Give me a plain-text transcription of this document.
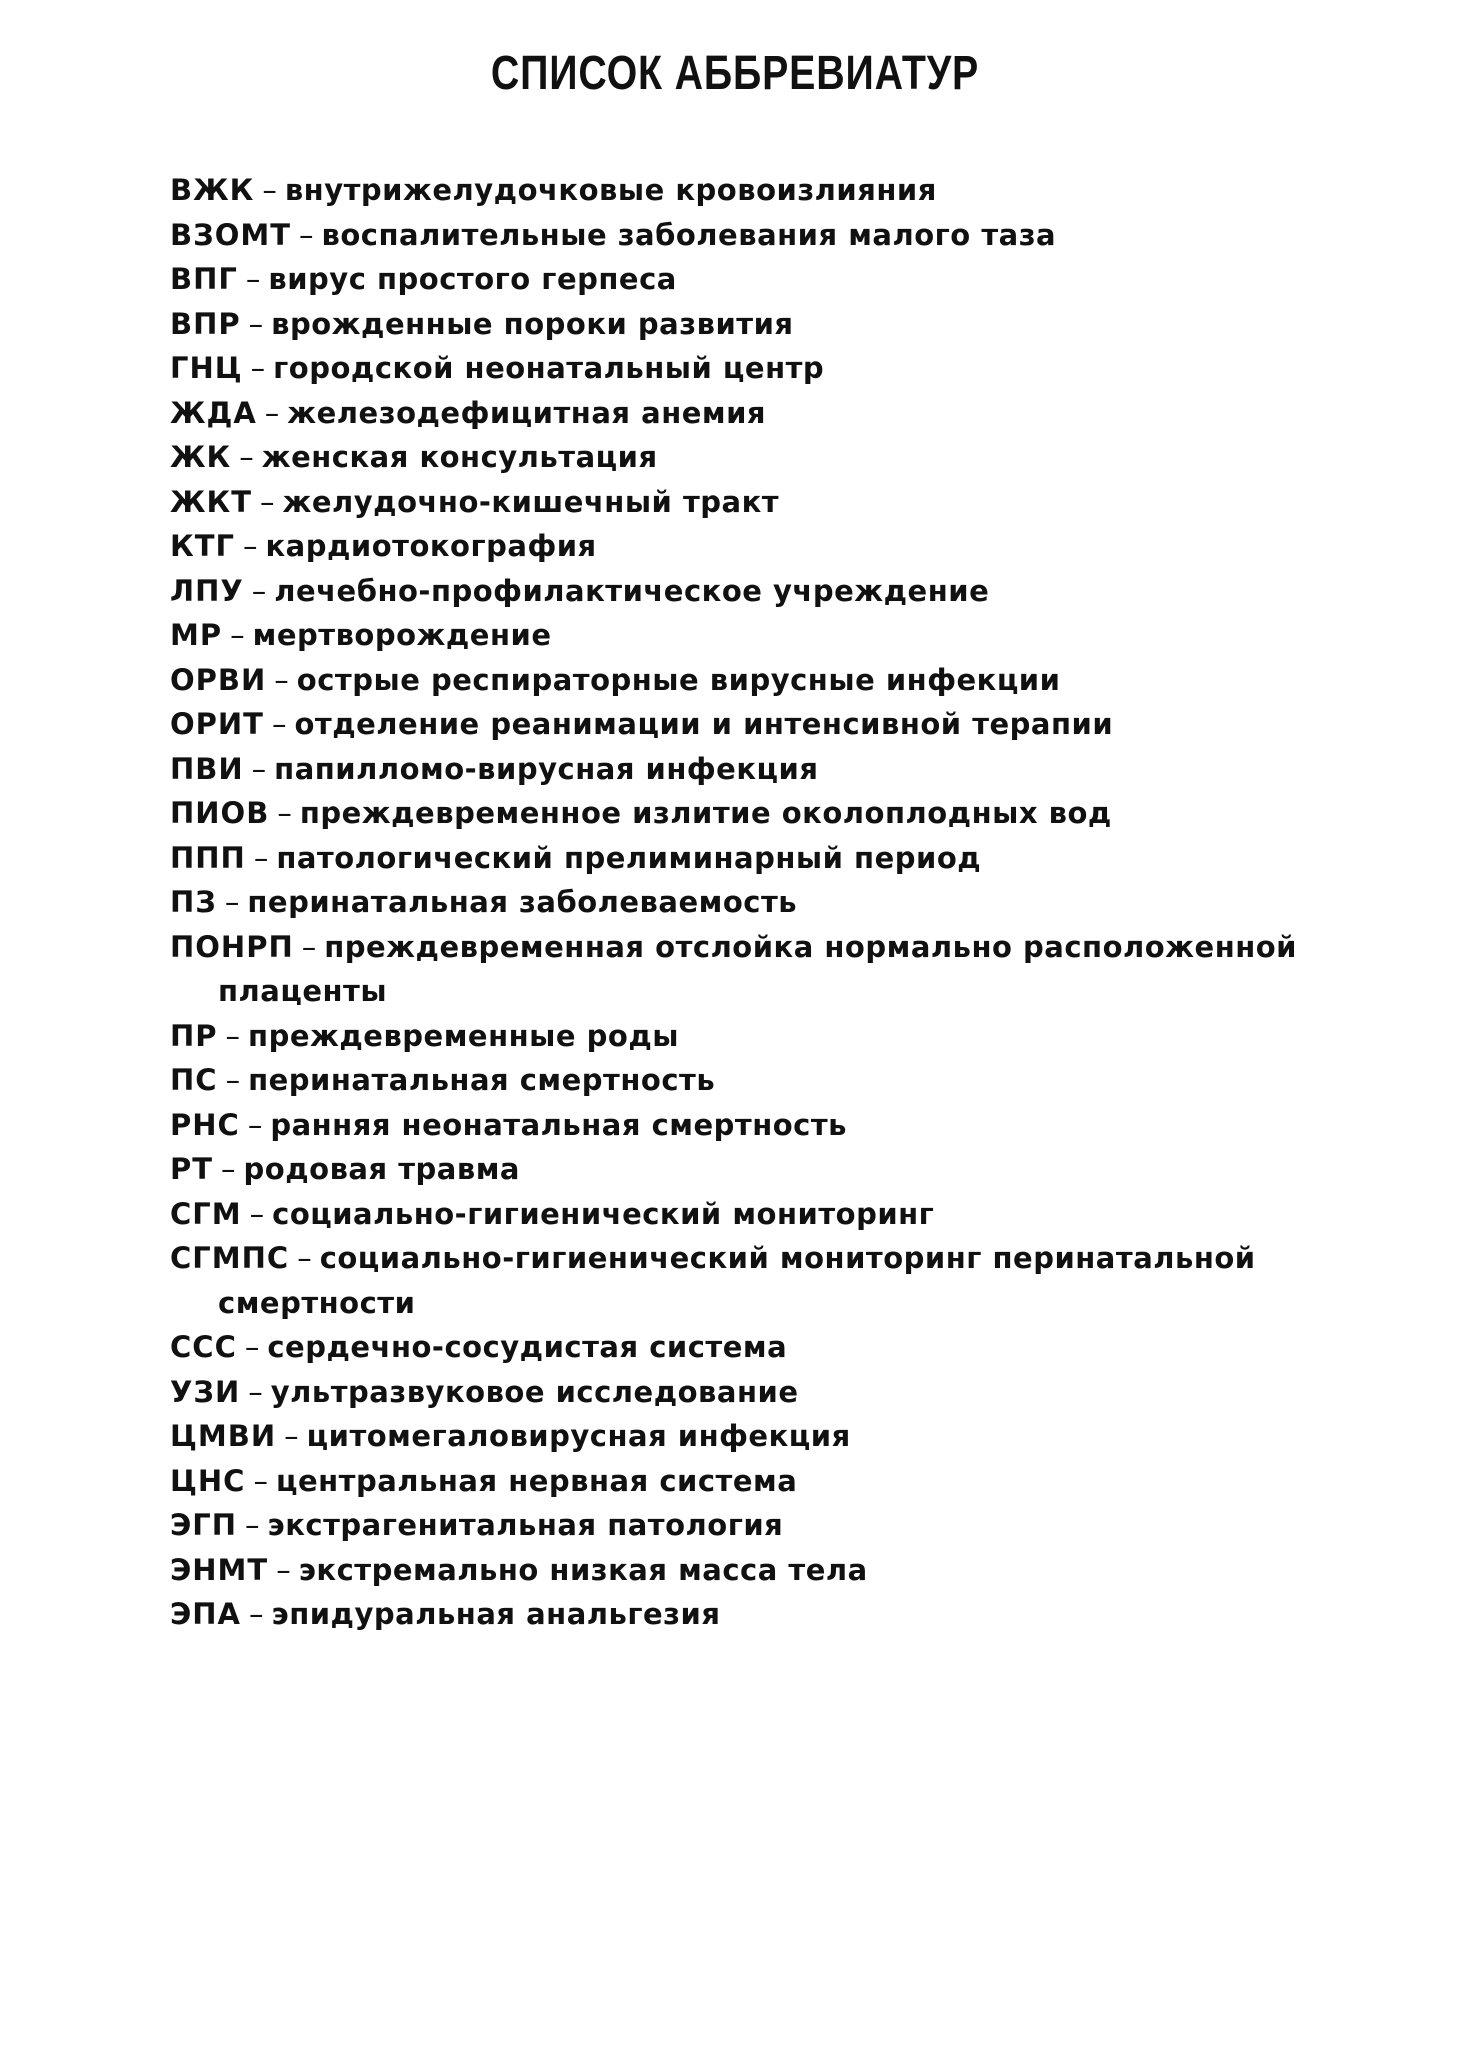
СПИСОК АББРЕВИАТУР
ВЖК – внутрижелудочковые кровоизлияния
ВЗОМТ – воспалительные заболевания малого таза
ВПГ – вирус простого герпеса
ВПР – врожденные пороки развития
ГНЦ – городской неонатальный центр
ЖДА – железодефицитная анемия
ЖК – женская консультация
ЖКТ – желудочно-кишечный тракт
КТГ – кардиотокография
ЛПУ – лечебно-профилактическое учреждение
МР – мертворождение
ОРВИ – острые респираторные вирусные инфекции
ОРИТ – отделение реанимации и интенсивной терапии
ПВИ – папилломо-вирусная инфекция
ПИОВ – преждевременное излитие околоплодных вод
ППП – патологический прелиминарный период
ПЗ – перинатальная заболеваемость
ПОНРП – преждевременная отслойка нормально расположенной плаценты
ПР – преждевременные роды
ПС – перинатальная смертность
РНС – ранняя неонатальная смертность
РТ – родовая травма
СГМ – социально-гигиенический мониторинг
СГМПС – социально-гигиенический мониторинг перинатальной смертности
ССС – сердечно-сосудистая система
УЗИ – ультразвуковое исследование
ЦМВИ – цитомегаловирусная инфекция
ЦНС – центральная нервная система
ЭГП – экстрагенитальная патология
ЭНМТ – экстремально низкая масса тела
ЭПА – эпидуральная анальгезия
